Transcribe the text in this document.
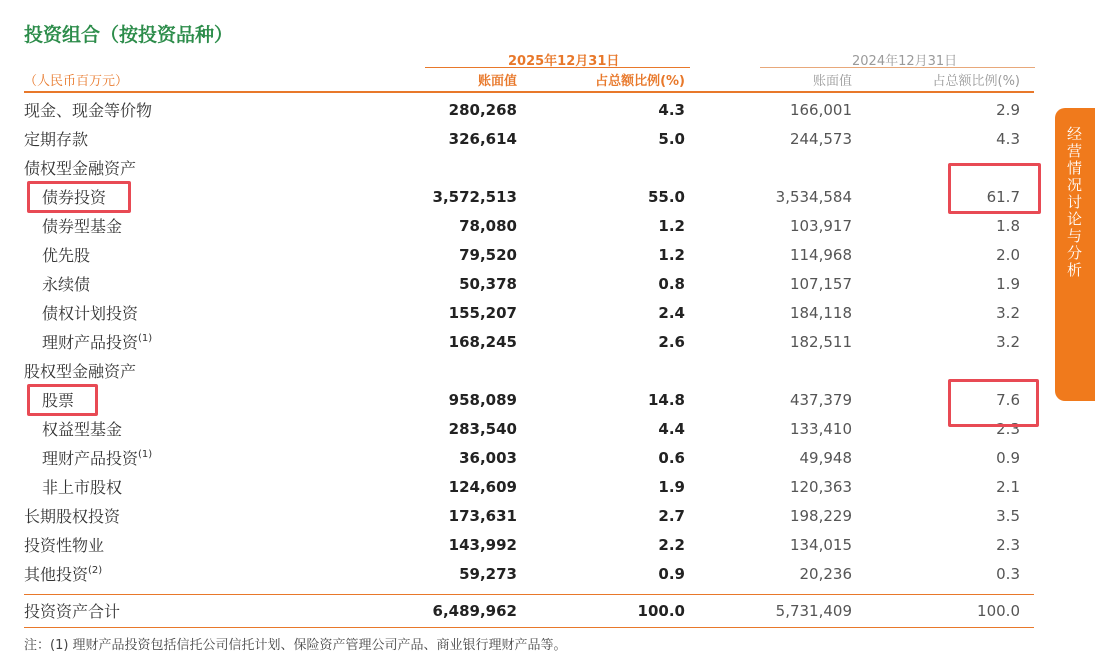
投资组合（按投资品种）
2025年12月31日	2024年12月31日
（人民币百万元）	账面值	占总额比例(%)	账面值	占总额比例(%)
现金、现金等价物	280,268	4.3	166,001	2.9
定期存款	326,614	5.0	244,573	4.3
债权型金融资产
债券投资	3,572,513	55.0	3,534,584	61.7
债券型基金	78,080	1.2	103,917	1.8
优先股	79,520	1.2	114,968	2.0
永续债	50,378	0.8	107,157	1.9
债权计划投资	155,207	2.4	184,118	3.2
理财产品投资$^{(1)}$	168,245	2.6	182,511	3.2
股权型金融资产
股票	958,089	14.8	437,379	7.6
权益型基金	283,540	4.4	133,410	2.3
理财产品投资$^{(1)}$	36,003	0.6	49,948	0.9
非上市股权	124,609	1.9	120,363	2.1
长期股权投资	173,631	2.7	198,229	3.5
投资性物业	143,992	2.2	134,015	2.3
其他投资$^{(2)}$	59,273	0.9	20,236	0.3
投资资产合计	6,489,962	100.0	5,731,409	100.0
注：(1) 理财产品投资包括信托公司信托计划、保险资产管理公司产品、商业银行理财产品等。
经营情况讨论与分析
